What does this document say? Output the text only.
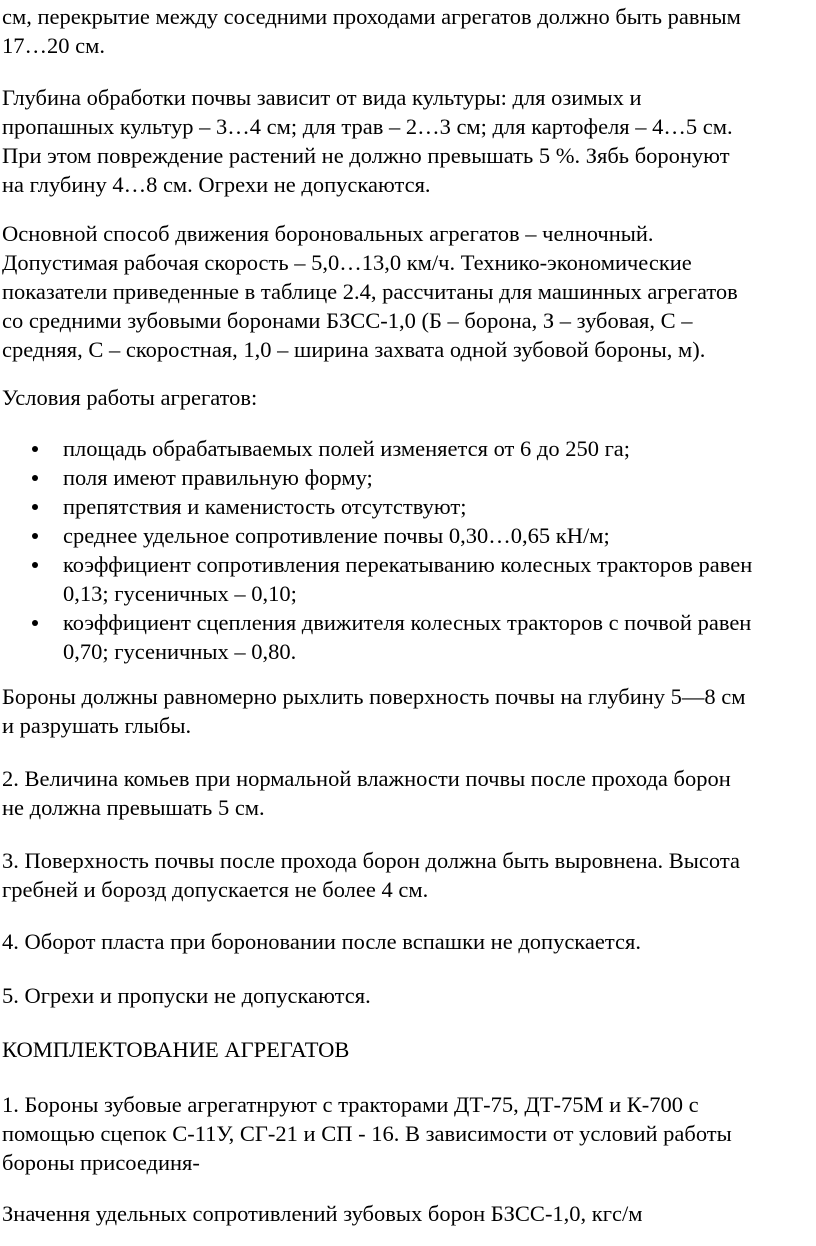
см, перекрытие между соседними проходами агрегатов должно быть равным
17…20 см.

Глубина обработки почвы зависит от вида культуры: для озимых и
пропашных культур – 3…4 см; для трав – 2…3 см; для картофеля – 4…5 см.
При этом повреждение растений не должно превышать 5 %. Зябь боронуют
на глубину 4…8 см. Огрехи не допускаются.

Основной способ движения бороновальных агрегатов – челночный.
Допустимая рабочая скорость – 5,0…13,0 км/ч. Технико-экономические
показатели приведенные в таблице 2.4, рассчитаны для машинных агрегатов
со средними зубовыми боронами БЗСС-1,0 (Б – борона, З – зубовая, С –
средняя, С – скоростная, 1,0 – ширина захвата одной зубовой бороны, м).

Условия работы агрегатов:

площадь обрабатываемых полей изменяется от 6 до 250 га;
поля имеют правильную форму;
препятствия и каменистость отсутствуют;
среднее удельное сопротивление почвы 0,30…0,65 кН/м;
коэффициент сопротивления перекатыванию колесных тракторов равен
0,13; гусеничных – 0,10;
коэффициент сцепления движителя колесных тракторов с почвой равен
0,70; гусеничных – 0,80.

Бороны должны равномерно рыхлить поверхность почвы на глубину 5—8 см
и разрушать глыбы.

2. Величина комьев при нормальной влажности почвы после прохода борон
не должна превышать 5 см.

3. Поверхность почвы после прохода борон должна быть выровнена. Высота
гребней и борозд допускается не более 4 см.

4. Оборот пласта при бороновании после вспашки не допускается.

5. Огрехи и пропуски не допускаются.

КОМПЛЕКТОВАНИЕ АГРЕГАТОВ

1. Бороны зубовые агрегатнруют с тракторами ДТ-75, ДТ-75М и К-700 с
помощью сцепок С-11У, СГ-21 и СП - 16. В зависимости от условий работы
бороны присоединя-

Значення удельных сопротивлений зубовых борон БЗСС-1,0, кгс/м
